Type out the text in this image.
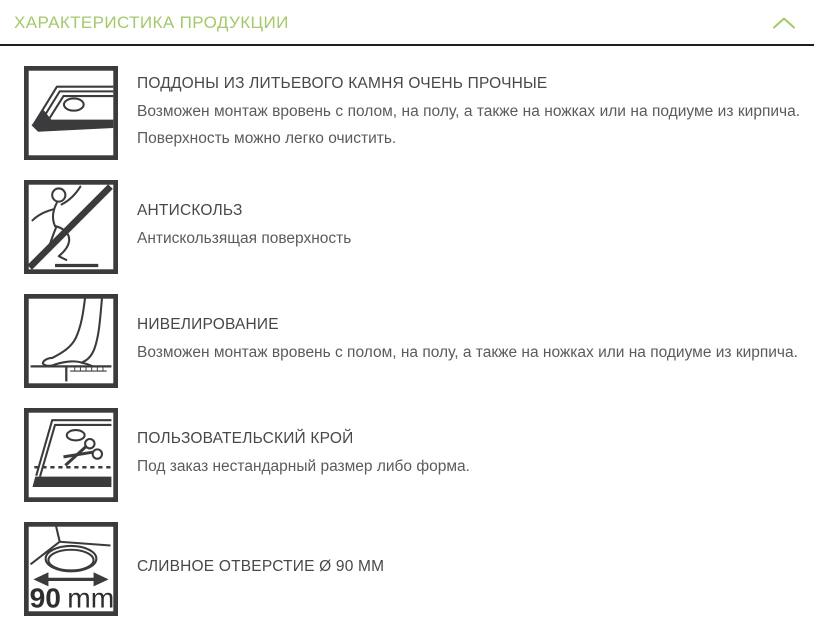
ХАРАКТЕРИСТИКА ПРОДУКЦИИ
ПОДДОНЫ ИЗ ЛИТЬЕВОГО КАМНЯ ОЧЕНЬ ПРОЧНЫЕ

Возможен монтаж вровень с полом, на полу, а также на ножках или на подиуме из кирпича. Поверхность можно легко очистить.

АНТИСКОЛЬЗ

Антискользящая поверхность

НИВЕЛИРОВАНИЕ

Возможен монтаж вровень с полом, на полу, а также на ножках или на подиуме из кирпича.

ПОЛЬЗОВАТЕЛЬСКИЙ КРОЙ

Под заказ нестандарный размер либо форма.

90 mm
СЛИВНОЕ ОТВЕРСТИЕ Ø 90 ММ
